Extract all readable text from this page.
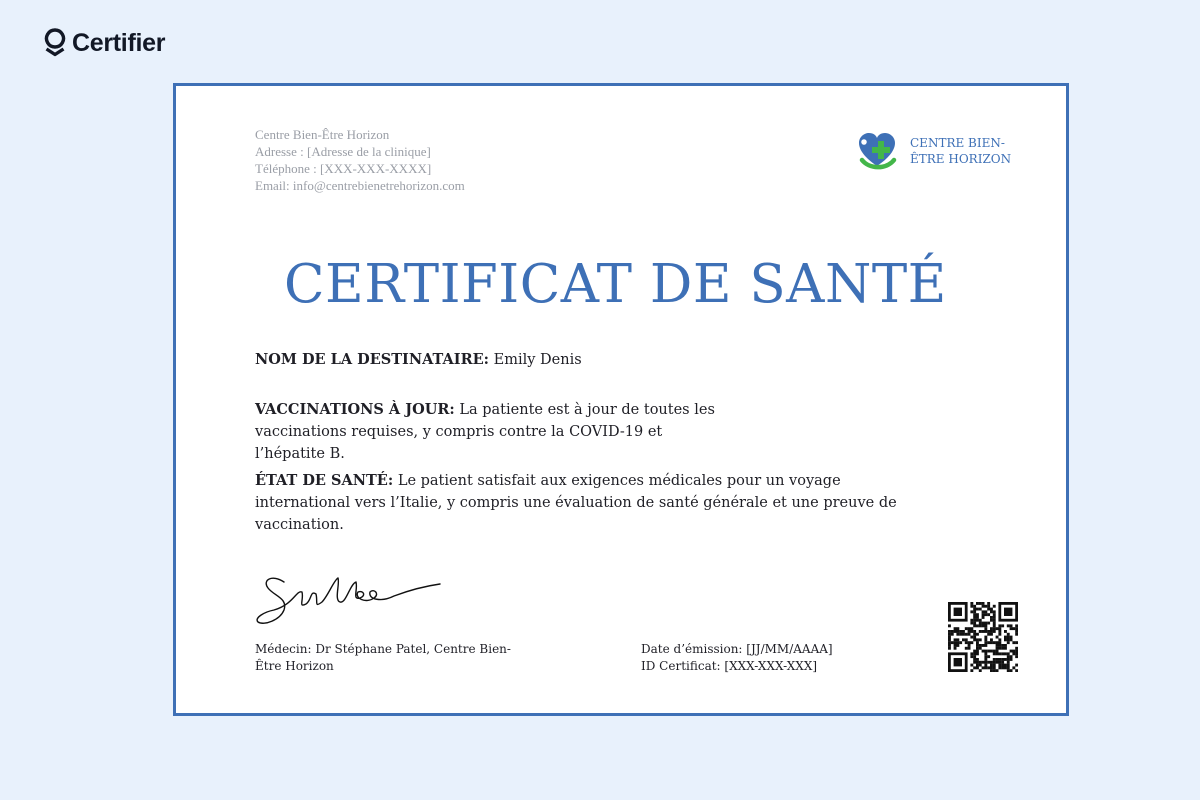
Certifier
Centre Bien-Être Horizon
Adresse : [Adresse de la clinique]
Téléphone : [XXX-XXX-XXXX]
Email: info@centrebienetrehorizon.com
CENTRE BIEN-
ÊTRE HORIZON
CERTIFICAT DE SANTÉ
NOM DE LA DESTINATAIRE: Emily Denis
VACCINATIONS À JOUR: La patiente est à jour de toutes les vaccinations requises, y compris contre la COVID-19 et l’hépatite B.
ÉTAT DE SANTÉ: Le patient satisfait aux exigences médicales pour un voyage international vers l’Italie, y compris une évaluation de santé générale et une preuve de vaccination.
Médecin: Dr Stéphane Patel, Centre Bien-Être Horizon
Date d’émission: [JJ/MM/AAAA]
ID Certificat: [XXX-XXX-XXX]
